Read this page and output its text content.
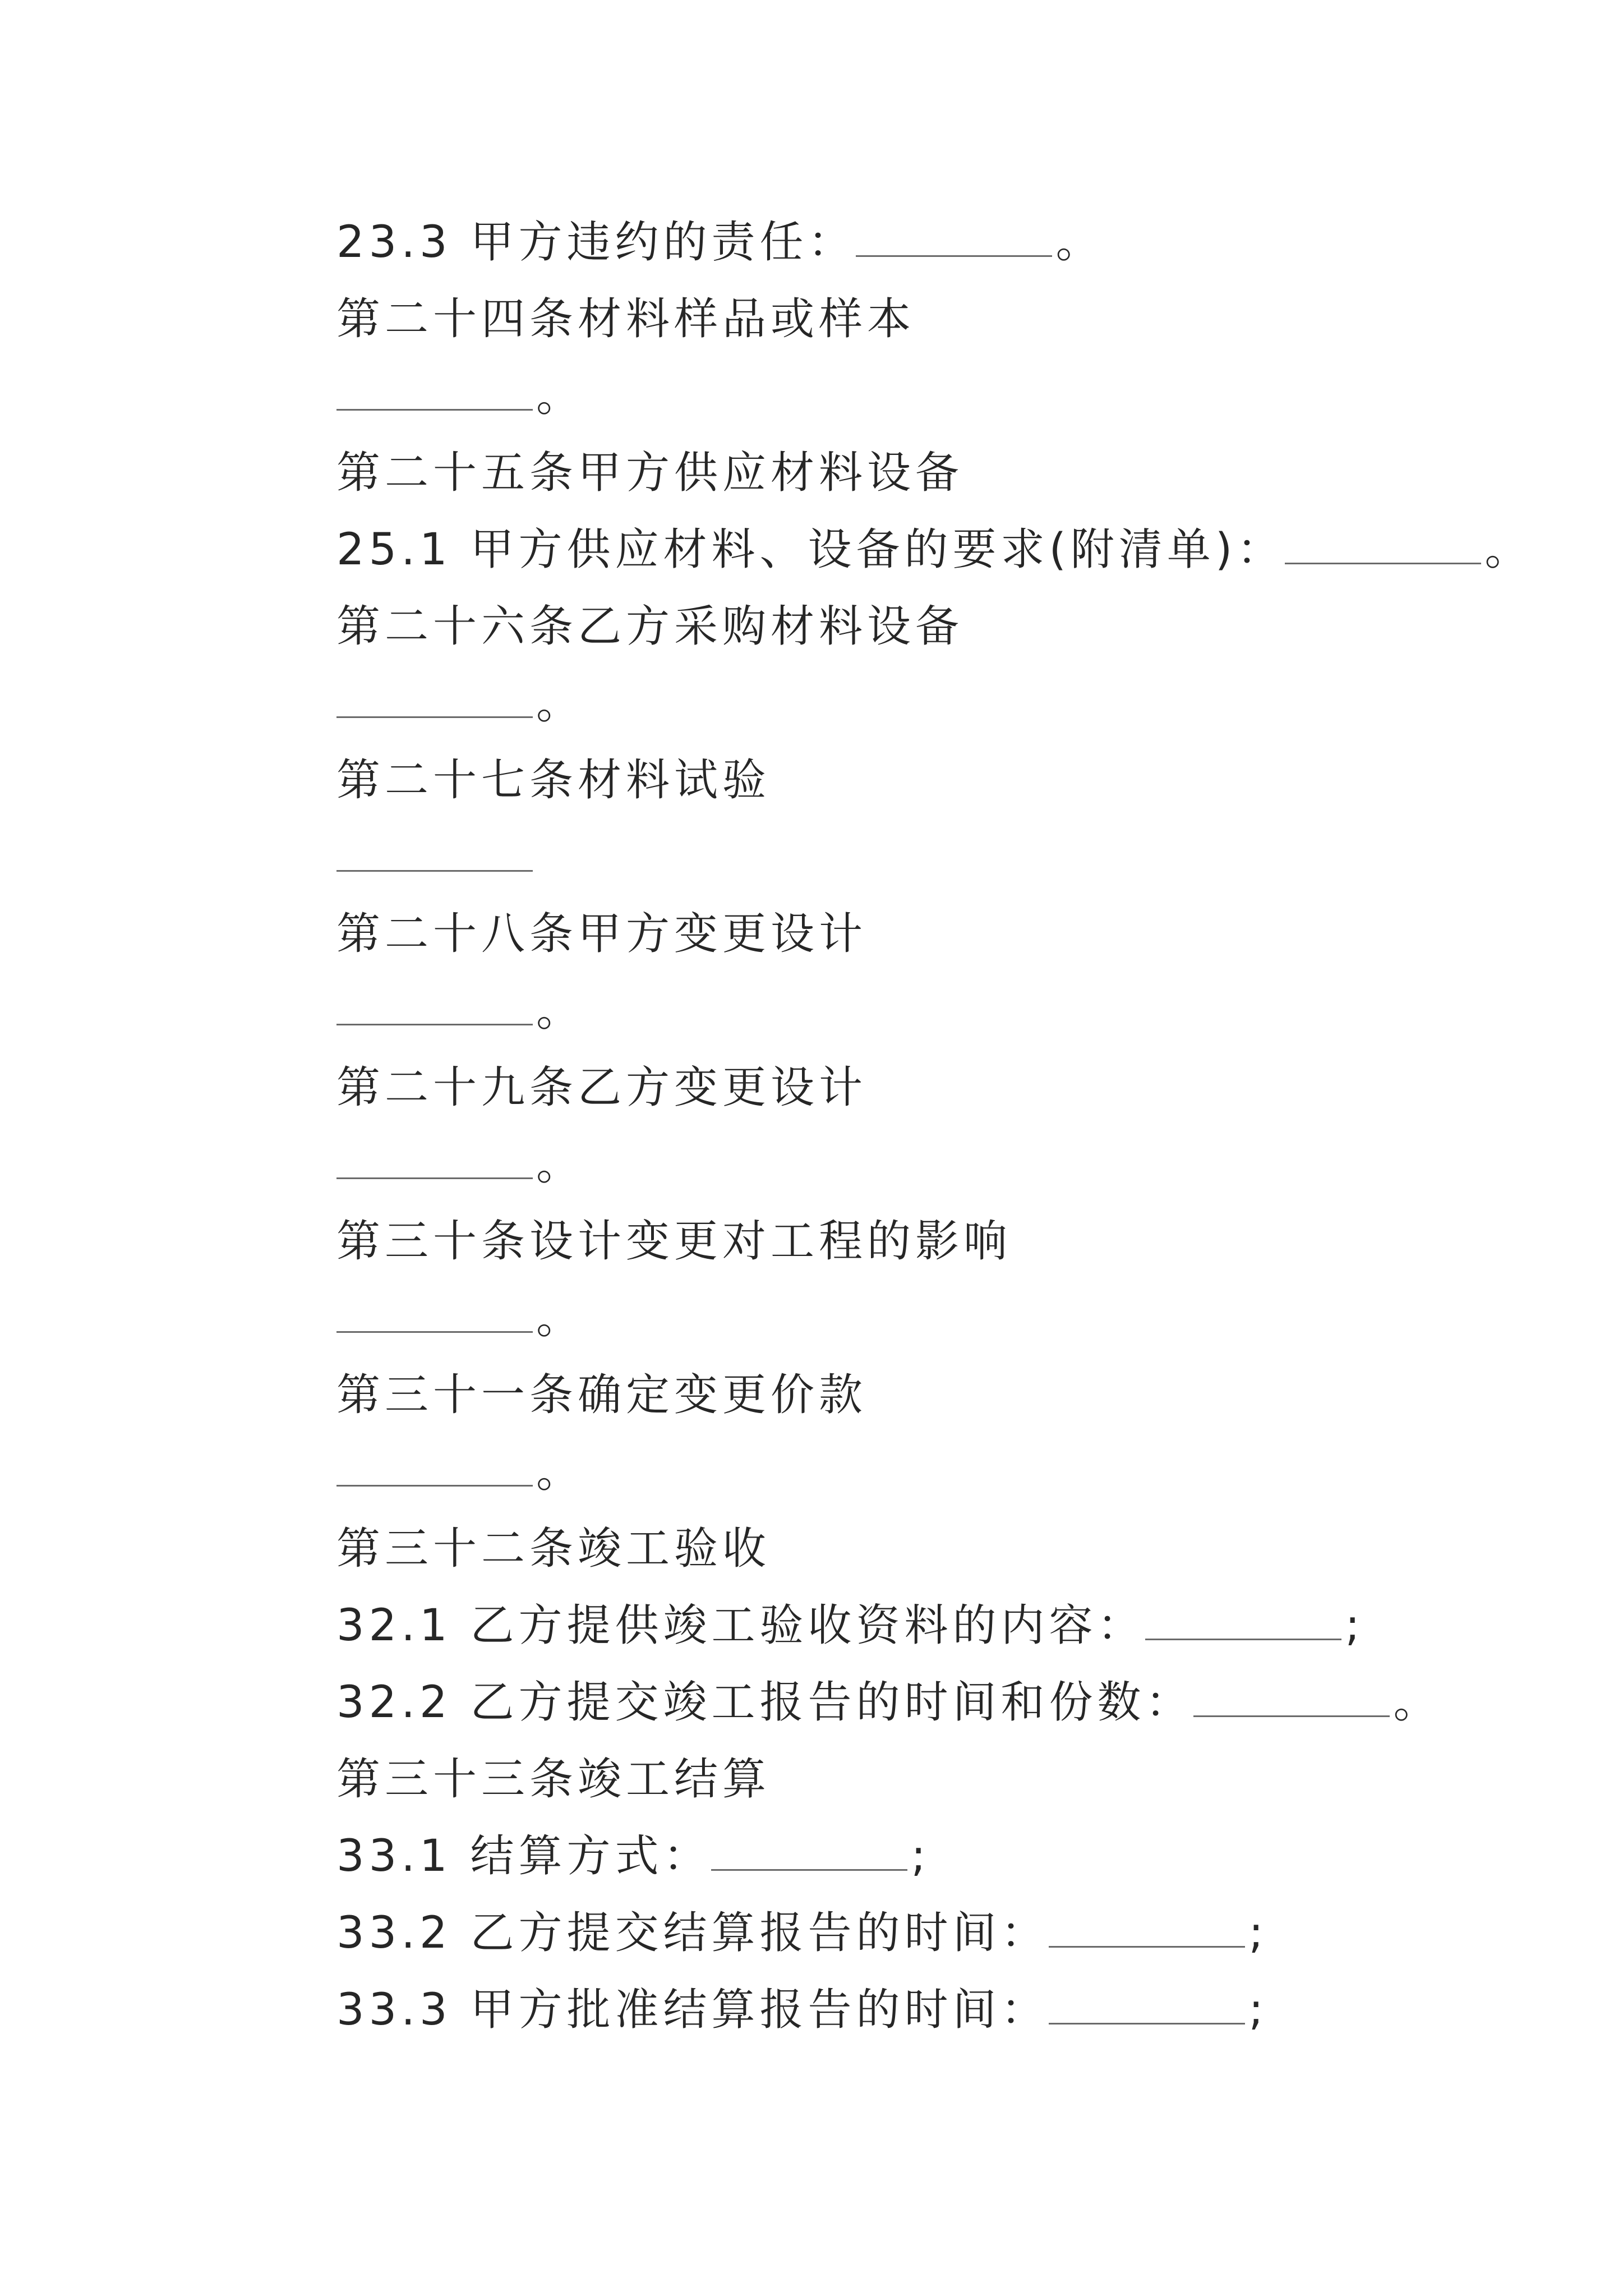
23.3 甲方违约的责任：	。
第二十四条材料样品或样本
。
第二十五条甲方供应材料设备
25.1 甲方供应材料、设备的要求(附清单)：	。
第二十六条乙方采购材料设备
。
第二十七条材料试验
第二十八条甲方变更设计
。
第二十九条乙方变更设计
。
第三十条设计变更对工程的影响
。
第三十一条确定变更价款
。
第三十二条竣工验收
32.1 乙方提供竣工验收资料的内容：	;
32.2 乙方提交竣工报告的时间和份数：	。
第三十三条竣工结算
33.1 结算方式：	;
33.2 乙方提交结算报告的时间：	;
33.3 甲方批准结算报告的时间：	;
